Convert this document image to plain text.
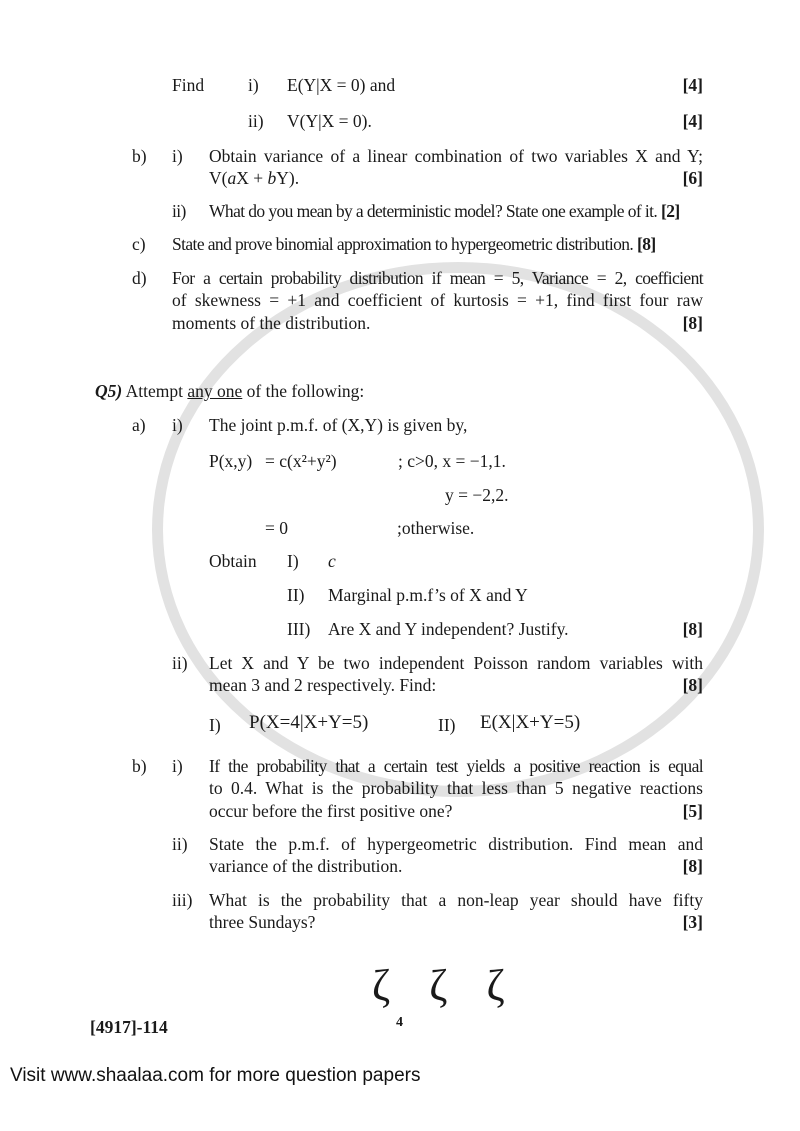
Find	i) E(Y|X = 0) and	[4]
ii) V(Y|X = 0).	[4]
b) i) Obtain variance of a linear combination of two variables X and Y;
V(aX + bY).	[6]
ii) What do you mean by a deterministic model? State one example of it. [2]
c) State and prove binomial approximation to hypergeometric distribution. [8]
d) For a certain probability distribution if mean = 5, Variance = 2, coefficient
of skewness = +1 and coefficient of kurtosis = +1, find first four raw
moments of the distribution.	[8]
Q5) Attempt any one of the following:
a) i) The joint p.m.f. of (X,Y) is given by,
P(x,y) = c(x²+y²)	; c>0, x = −1,1.
y = −2,2.
= 0	;otherwise.
Obtain I) c
II) Marginal p.m.f’s of X and Y
III) Are X and Y independent? Justify.	[8]
ii) Let X and Y be two independent Poisson random variables with
mean 3 and 2 respectively. Find:	[8]
I) P(X=4|X+Y=5)	II) E(X|X+Y=5)
b) i) If the probability that a certain test yields a positive reaction is equal
to 0.4. What is the probability that less than 5 negative reactions
occur before the first positive one?	[5]
ii) State the p.m.f. of hypergeometric distribution. Find mean and
variance of the distribution.	[8]
iii) What is the probability that a non-leap year should have fifty
three Sundays?	[3]
ζ ζ ζ
[4917]-114	4
Visit www.shaalaa.com for more question papers
